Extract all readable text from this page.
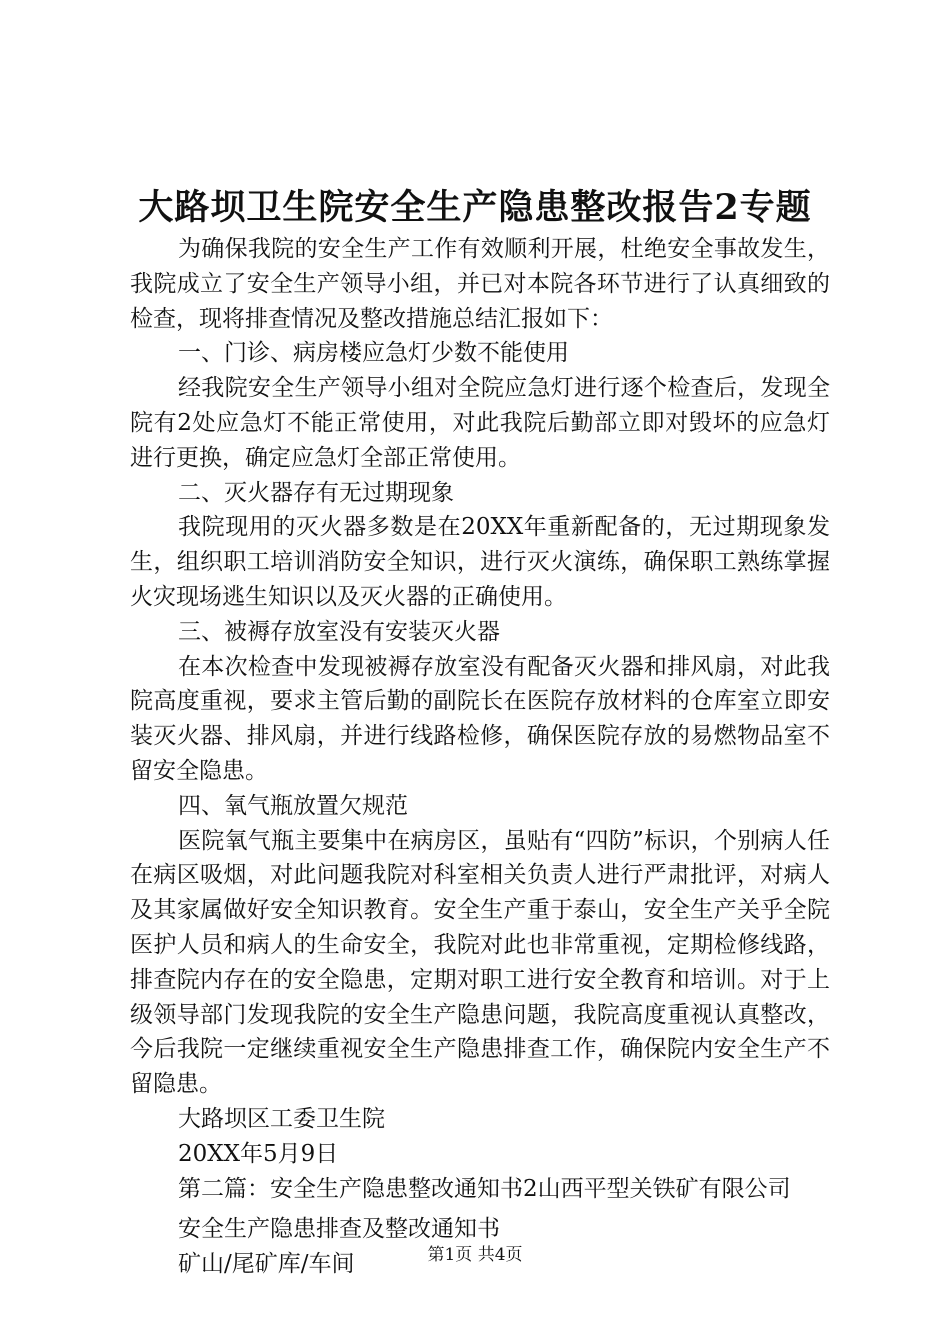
大路坝卫生院安全生产隐患整改报告2专题

为确保我院的安全生产工作有效顺利开展，杜绝安全事故发生，我院成立了安全生产领导小组，并已对本院各环节进行了认真细致的检查，现将排查情况及整改措施总结汇报如下：

一、门诊、病房楼应急灯少数不能使用

经我院安全生产领导小组对全院应急灯进行逐个检查后，发现全院有2处应急灯不能正常使用，对此我院后勤部立即对毁坏的应急灯进行更换，确定应急灯全部正常使用。

二、灭火器存有无过期现象

我院现用的灭火器多数是在20XX年重新配备的，无过期现象发生，组织职工培训消防安全知识，进行灭火演练，确保职工熟练掌握火灾现场逃生知识以及灭火器的正确使用。

三、被褥存放室没有安装灭火器

在本次检查中发现被褥存放室没有配备灭火器和排风扇，对此我院高度重视，要求主管后勤的副院长在医院存放材料的仓库室立即安装灭火器、排风扇，并进行线路检修，确保医院存放的易燃物品室不留安全隐患。

四、氧气瓶放置欠规范

医院氧气瓶主要集中在病房区，虽贴有“四防”标识，个别病人任在病区吸烟，对此问题我院对科室相关负责人进行严肃批评，对病人及其家属做好安全知识教育。安全生产重于泰山，安全生产关乎全院医护人员和病人的生命安全，我院对此也非常重视，定期检修线路，排查院内存在的安全隐患，定期对职工进行安全教育和培训。对于上级领导部门发现我院的安全生产隐患问题，我院高度重视认真整改，今后我院一定继续重视安全生产隐患排查工作，确保院内安全生产不留隐患。

大路坝区工委卫生院

20XX年5月9日

第二篇：安全生产隐患整改通知书2山西平型关铁矿有限公司

安全生产隐患排查及整改通知书

矿山/尾矿库/车间	第1页 共4页
